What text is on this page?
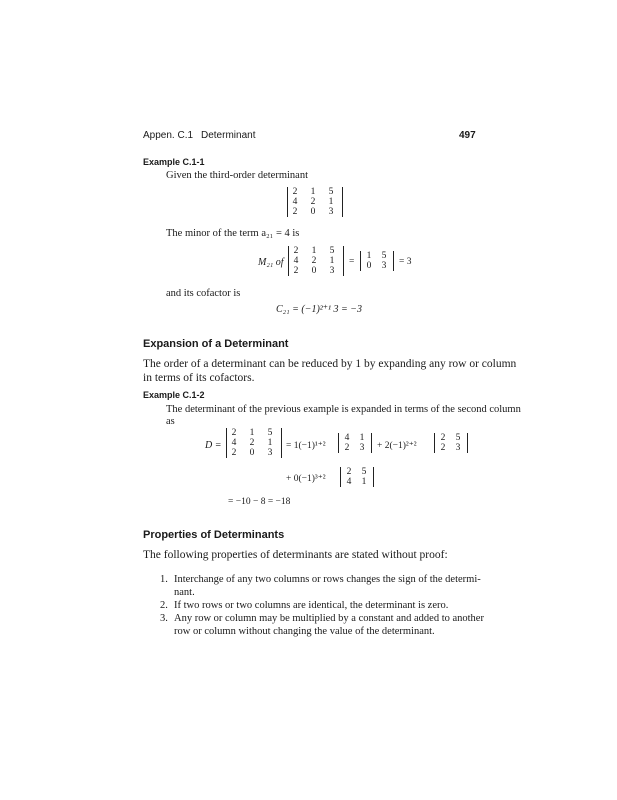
Appen. C.1 Determinant	497
Example C.1-1
Given the third-order determinant
2 1 5
4 2 1
2 0 3
The minor of the term a₂₁ = 4 is
M₂₁ of
2 1 5
4 2 1
2 0 3
=
1 5
0 3 = 3
and its cofactor is
C₂₁ = (−1)²⁺¹ 3 = −3
Expansion of a Determinant
The order of a determinant can be reduced by 1 by expanding any row or column
in terms of its cofactors.
Example C.1-2
The determinant of the previous example is expanded in terms of the second column
as
D =
2 1 5
4 2 1
2 0 3
= 1(−1)¹⁺²
4 1
2 3 + 2(−1)²⁺²
2 5
2 3
+ 0(−1)³⁺²
2 5
4 1
= −10 − 8 = −18
Properties of Determinants
The following properties of determinants are stated without proof:
1. Interchange of any two columns or rows changes the sign of the determi-
nant.
2. If two rows or two columns are identical, the determinant is zero.
3. Any row or column may be multiplied by a constant and added to another
row or column without changing the value of the determinant.
